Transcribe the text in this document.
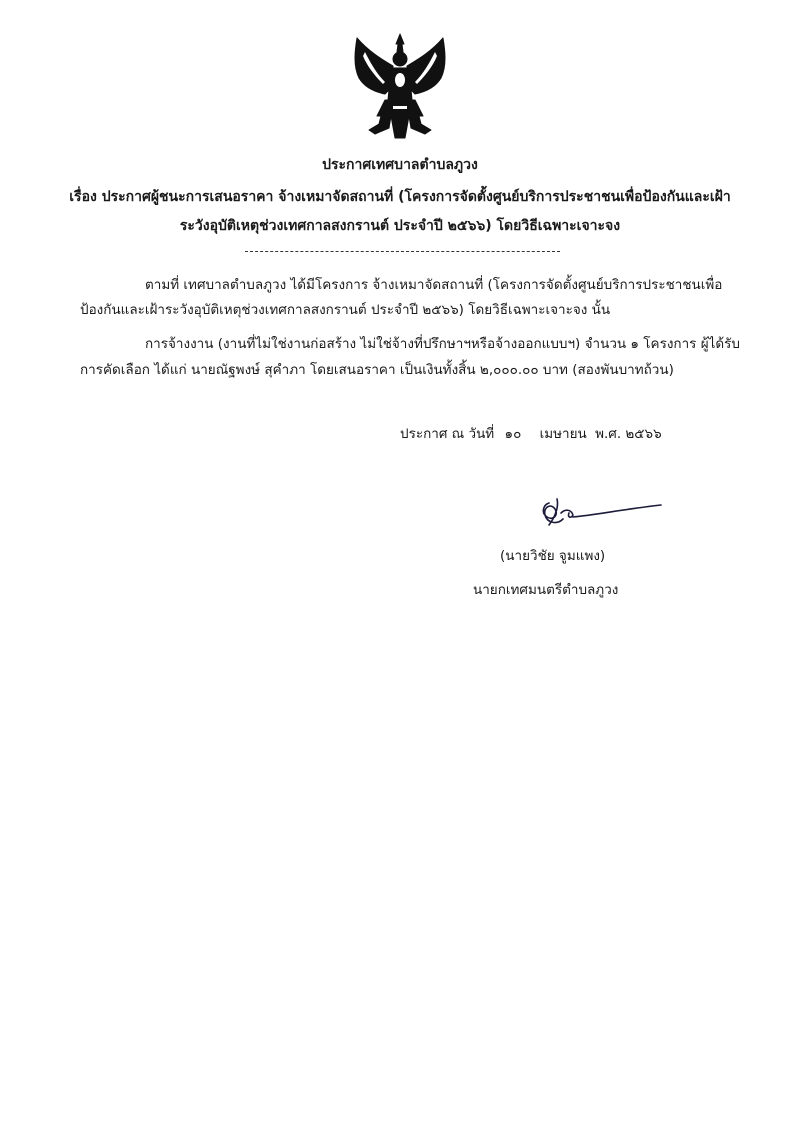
ประกาศเทศบาลตำบลภูวง
เรื่อง ประกาศผู้ชนะการเสนอราคา จ้างเหมาจัดสถานที่ (โครงการจัดตั้งศูนย์บริการประชาชนเพื่อป้องกันและเฝ้า
ระวังอุบัติเหตุช่วงเทศกาลสงกรานต์ ประจำปี ๒๕๖๖) โดยวิธีเฉพาะเจาะจง
ตามที่ เทศบาลตำบลภูวง ได้มีโครงการ จ้างเหมาจัดสถานที่ (โครงการจัดตั้งศูนย์บริการประชาชนเพื่อ
ป้องกันและเฝ้าระวังอุบัติเหตุช่วงเทศกาลสงกรานต์ ประจำปี ๒๕๖๖) โดยวิธีเฉพาะเจาะจง นั้น
การจ้างงาน (งานที่ไม่ใช่งานก่อสร้าง ไม่ใช่จ้างที่ปรึกษาฯหรือจ้างออกแบบฯ) จำนวน ๑ โครงการ ผู้ได้รับ
การคัดเลือก ได้แก่ นายณัฐพงษ์ สุคำภา โดยเสนอราคา เป็นเงินทั้งสิ้น ๒,๐๐๐.๐๐ บาท (สองพันบาทถ้วน)
ประกาศ ณ วันที่ ๑๐ เมษายน พ.ศ. ๒๕๖๖
(นายวิชัย จูมแพง)
นายกเทศมนตรีตำบลภูวง
